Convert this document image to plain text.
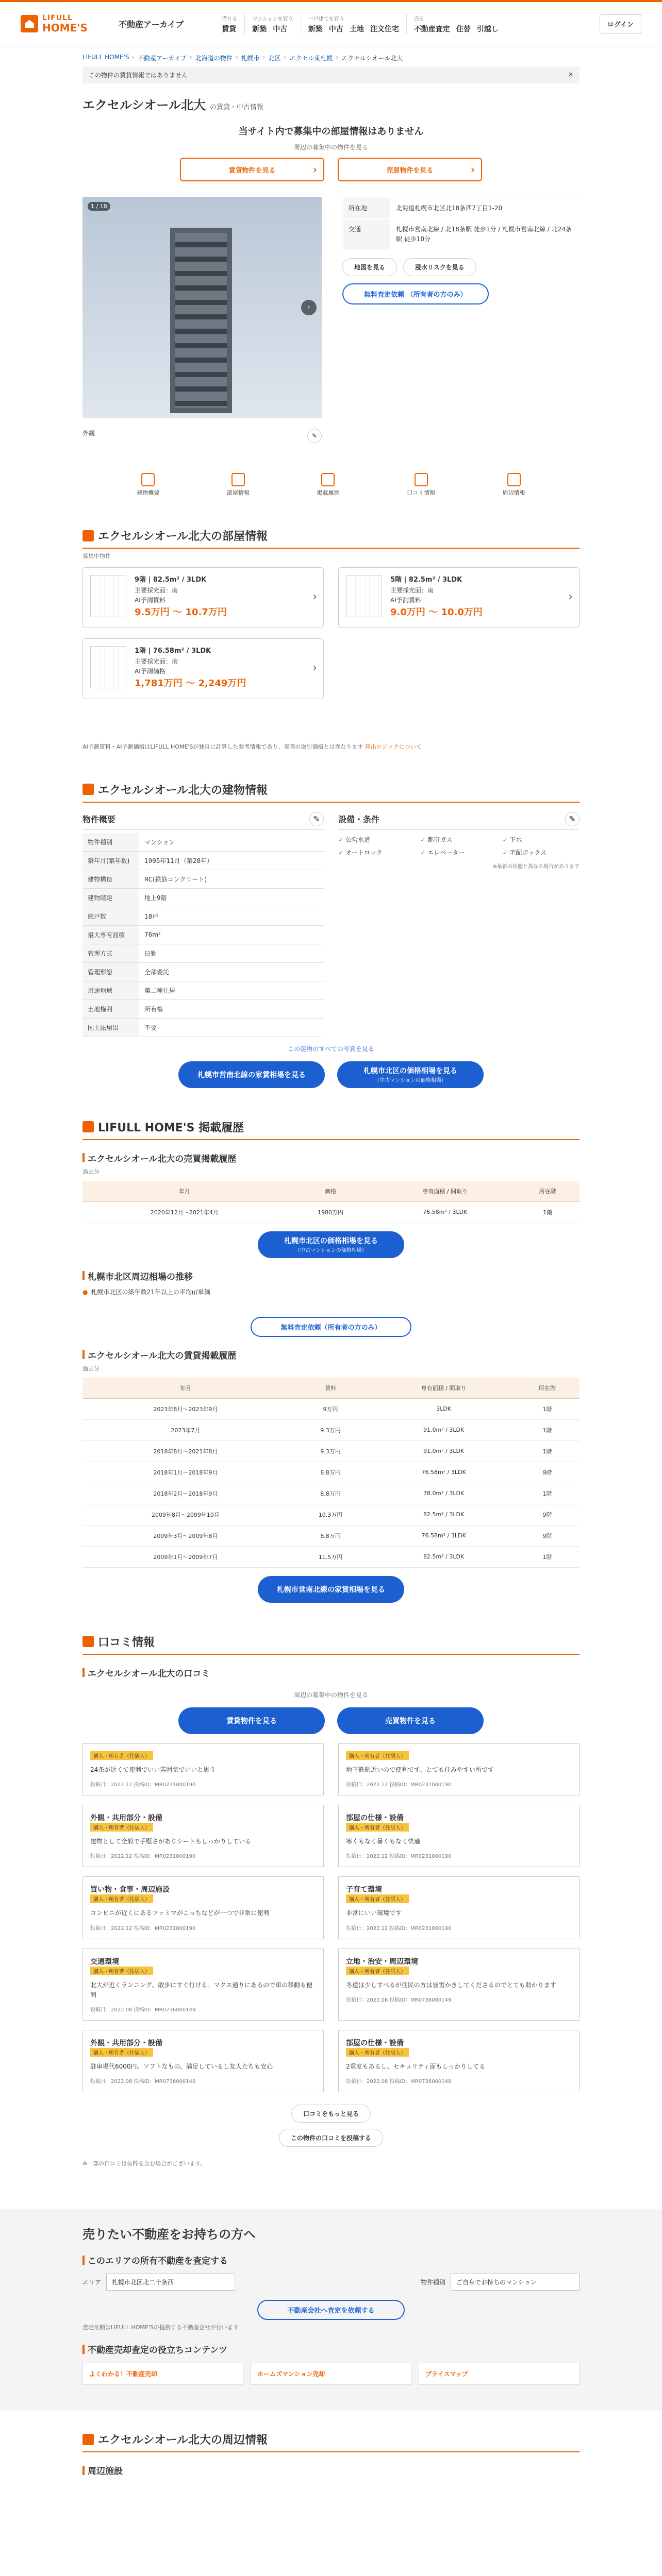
LIFULL
HOME'S	不動産アーカイブ
借りる
賃貸
マンションを買う
新築 中古
一戸建てを買う
新築 中古 土地 注文住宅
売る
不動産査定 住替 引越し	ログイン
LIFULL HOME'S › 不動産アーカイブ › 北海道の物件 › 札幌市 › 北区 › エクセル東札幌 › エクセルシオール北大
この物件の賃貸情報ではありません	×
エクセルシオール北大 の賃貸・中古情報
当サイト内で募集中の部屋情報はありません
周辺の募集中の物件を見る
賃貸物件を見る ›	売買物件を見る ›
1 / 18
›
外観	✎
所在地	北海道札幌市北区北18条西7丁目1-20
交通	札幌市営南北線 / 北18条駅 徒歩1分 / 札幌市営南北線 / 北24条駅 徒歩10分
地図を見る	浸水リスクを見る
無料査定依頼 （所有者の方のみ）
建物概要	部屋情報	掲載履歴	口コミ情報	周辺情報
エクセルシオール北大の部屋情報
募集中物件
9階 | 82.5m² / 3LDK
主要採光面：南
AI予測賃料
9.5万円 〜 10.7万円
›
5階 | 82.5m² / 3LDK
主要採光面：南
AI予測賃料
9.0万円 〜 10.0万円
›
1階 | 76.58m² / 3LDK
主要採光面：南
AI予測価格
1,781万円 〜 2,249万円
›
AI予測賃料・AI予測価格はLIFULL HOME'Sが独自に計算した参考情報であり、実際の取引価格とは異なります 算出ロジックについて
エクセルシオール北大の建物情報
物件概要	✎
物件種別	マンション
築年月(築年数)	1995年11月（築28年）
建物構造	RC(鉄筋コンクリート)
建物階建	地上9階
総戸数	18戸
最大専有面積	76m²
管理方式	日勤
管理形態	全部委託
用途地域	第二種住居
土地権利	所有権
国土法届出	不要
設備・条件	✎
✓ 公営水道	✓ 都市ガス	✓ 下水
✓ オートロック	✓ エレベーター	✓ 宅配ボックス
※最新の状態と異なる場合があります
この建物のすべての写真を見る
札幌市営南北線の家賃相場を見る	札幌市北区の価格相場を見る
（中古マンションの価格相場）
LIFULL HOME'S 掲載履歴
エクセルシオール北大の売買掲載履歴
過去分
年月	価格	専有面積 / 間取り	所在階
2020年12月〜2021年4月	1980万円	76.58m² / 3LDK	1階
札幌市北区の価格相場を見る
（中古マンションの価格相場）
札幌市北区周辺相場の推移
● 札幌市北区の築年数21年以上の平均㎡単価
無料査定依頼（所有者の方のみ）
エクセルシオール北大の賃貸掲載履歴
過去分
年月	賃料	専有面積 / 間取り	所在階
2023年8月〜2023年9月	9万円	3LDK	1階
2023年7月	9.3万円	91.0m² / 3LDK	1階
2018年8月〜2021年8月	9.3万円	91.0m² / 3LDK	1階
2018年1月〜2018年9月	8.8万円	76.58m² / 3LDK	9階
2018年2月〜2018年9月	8.8万円	78.0m² / 3LDK	1階
2009年8月〜2009年10月	10.3万円	82.5m² / 3LDK	9階
2009年3月〜2009年8月	8.8万円	76.58m² / 3LDK	9階
2009年1月〜2009年7月	11.5万円	82.5m² / 3LDK	1階
札幌市営南北線の家賃相場を見る
口コミ情報
エクセルシオール北大の口コミ
周辺の募集中の物件を見る
賃貸物件を見る	売買物件を見る
購入・所有者（住居人）
24条が近くて便利でいい雰囲気でいいと思う
投稿日：2022.12 投稿ID：MR0231000190
購入・所有者（住居人）
地下鉄駅近いので便利です。とても住みやすい所です
投稿日：2022.12 投稿ID：MR0231000190
外観・共用部分・設備
購入・所有者（住居人）
建物として全般で手堅さがありシートもしっかりしている
投稿日：2022.12 投稿ID：MR0231000190
部屋の仕様・設備
購入・所有者（住居人）
寒くもなく暑くもなく快適
投稿日：2022.12 投稿ID：MR0231000190
買い物・食事・周辺施設
購入・所有者（住居人）
コンビニが近くにあるファミマがこっちなどが一つで非常に便利
投稿日：2022.12 投稿ID：MR0231000190
子育て環境
購入・所有者（住居人）
非常にいい環境です
投稿日：2022.12 投稿ID：MR0231000190
交通環境
購入・所有者（住居人）
北大が近くランニング、散歩にすぐ行ける。マクス通りにあるので車の移動も便利
投稿日：2022.08 投稿ID：MR0736000149
立地・治安・周辺環境
購入・所有者（住居人）
冬道は少しすべるが住民の方は皆雪かきしてくださるのでとても助かります
投稿日：2022.08 投稿ID：MR0736000149
外観・共用部分・設備
購入・所有者（住居人）
駐車場代6000円。ソフトなもの。満足しているし友人たちも安心
投稿日：2022.08 投稿ID：MR0736000149
部屋の仕様・設備
購入・所有者（住居人）
2重窓もあるし、セキュリティ面もしっかりしてる
投稿日：2022.08 投稿ID：MR0736000149
口コミをもっと見る
この物件の口コミを投稿する
※一部の口コミは抜粋を含む場合がございます。
売りたい不動産をお持ちの方へ
このエリアの所有不動産を査定する
エリア	札幌市北区北二十条西	物件種別	ご自身でお持ちのマンション
不動産会社へ査定を依頼する
査定依頼はLIFULL HOME'Sの提携する不動産会社が行います
不動産売却査定の役立ちコンテンツ
よくわかる！不動産売却	ホームズマンション売却	プライスマップ
エクセルシオール北大の周辺情報
周辺施設
